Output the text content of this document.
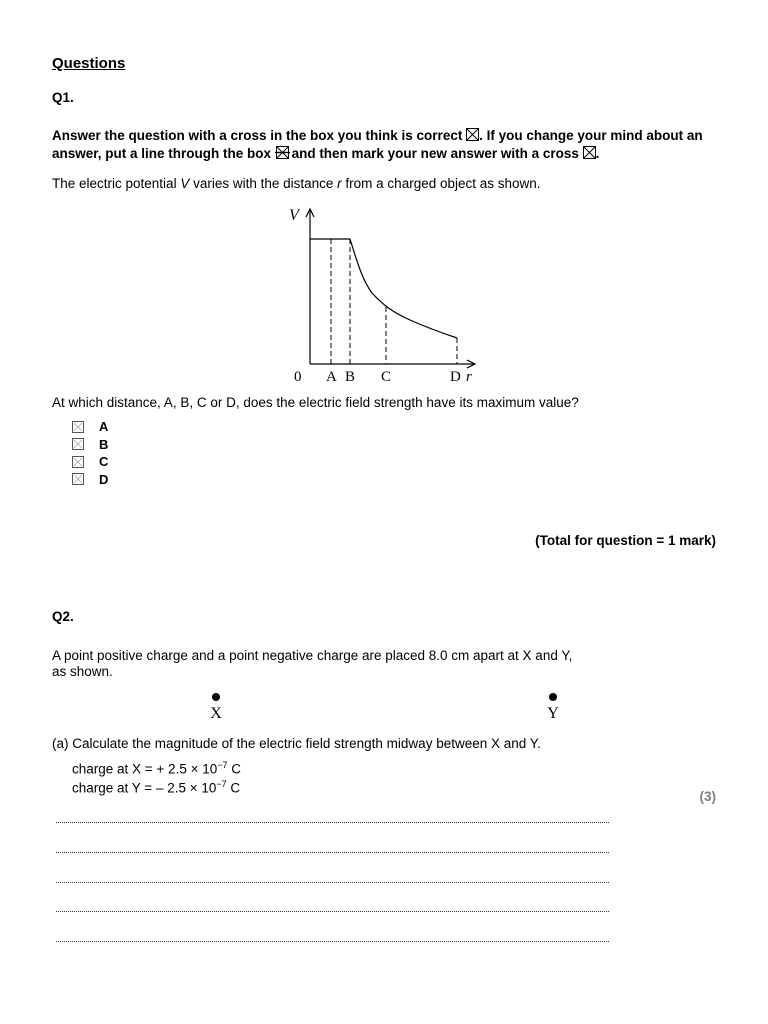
Questions
Q1.
Answer the question with a cross in the box you think is correct ☒. If you change your mind about an answer, put a line through the box and then mark your new answer with a cross ☒.
The electric potential V varies with the distance r from a charged object as shown.
V
0 A B C	D r
At which distance, A, B, C or D, does the electric field strength have its maximum value?
A
B
C
D
(Total for question = 1 mark)
Q2.
A point positive charge and a point negative charge are placed 8.0 cm apart at X and Y,
as shown.
X	Y
(a) Calculate the magnitude of the electric field strength midway between X and Y.
charge at X = + $2.5 \times 10^{-7}$ C
charge at Y = – $2.5 \times 10^{-7}$ C
(3)
